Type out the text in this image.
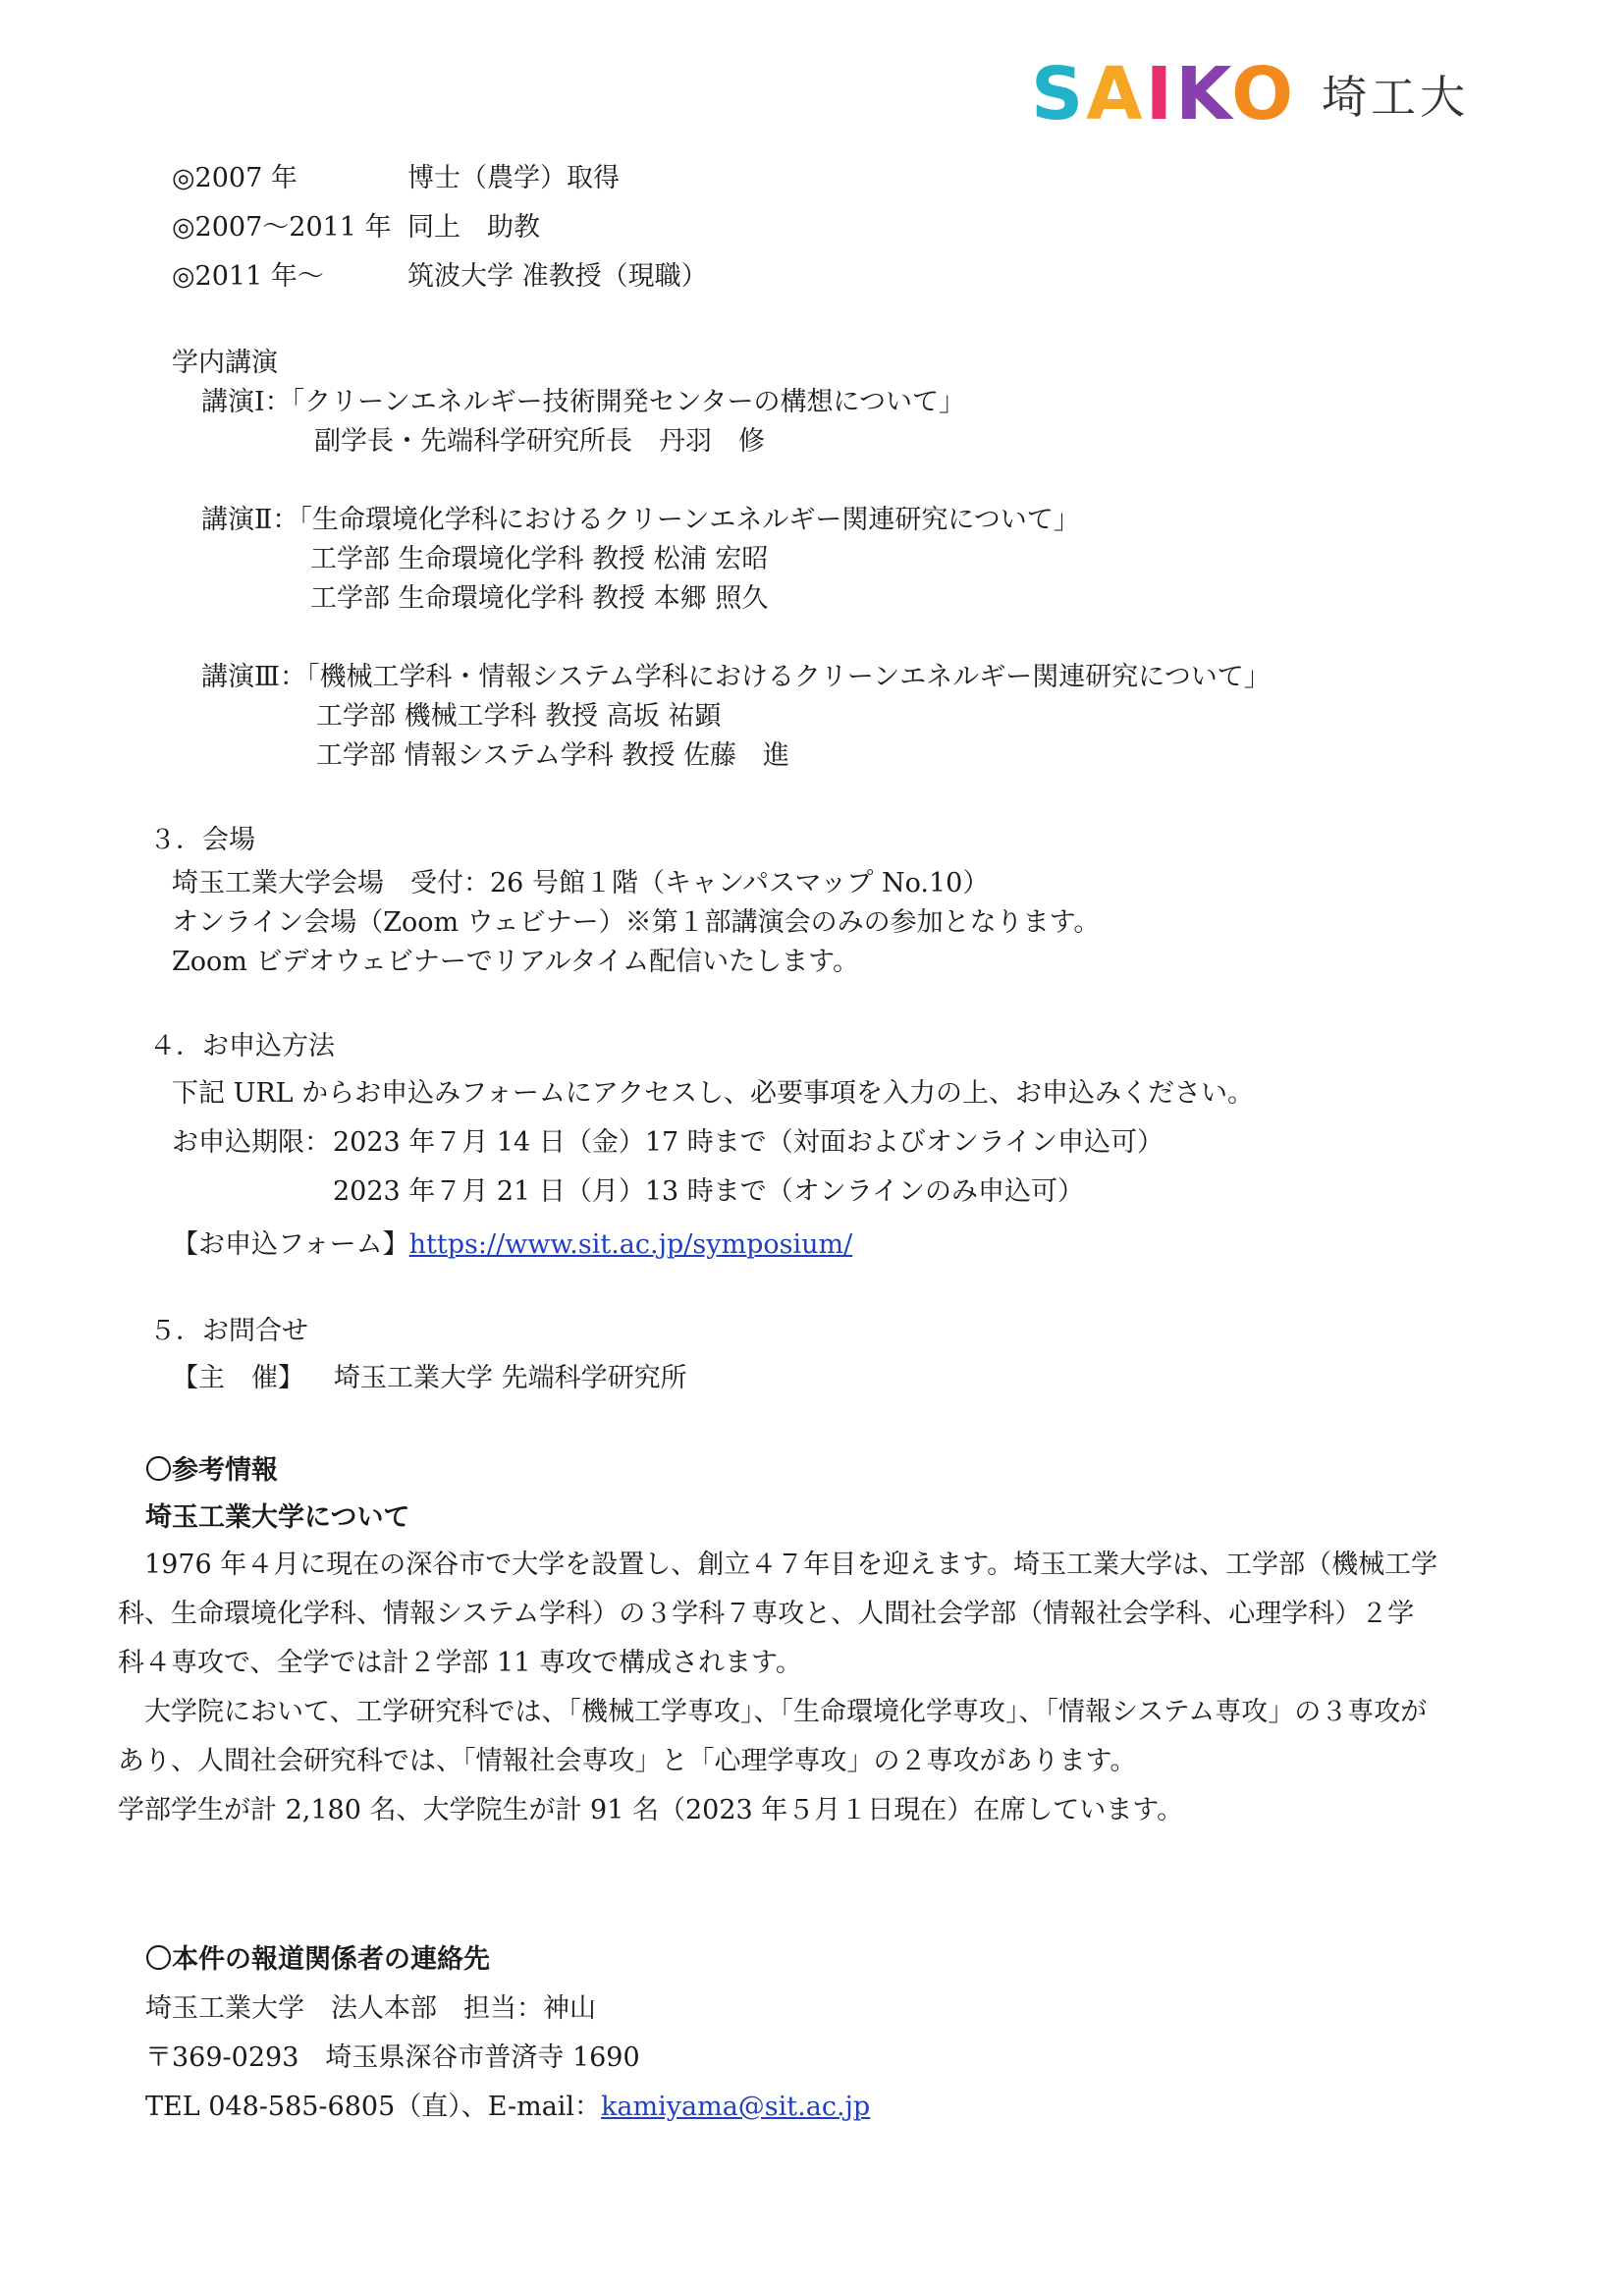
SAIKO 埼工大
◎2007 年	博士（農学）取得
◎2007～2011 年 同上　助教
◎2011 年～	筑波大学 准教授（現職）
学内講演
講演Ⅰ：「クリーンエネルギー技術開発センターの構想について」
副学長・先端科学研究所長　丹羽　修
講演Ⅱ：「生命環境化学科におけるクリーンエネルギー関連研究について」
工学部 生命環境化学科 教授 松浦 宏昭
工学部 生命環境化学科 教授 本郷 照久
講演Ⅲ：「機械工学科・情報システム学科におけるクリーンエネルギー関連研究について」
工学部 機械工学科 教授 高坂 祐顕
工学部 情報システム学科 教授 佐藤　進
３．会場
埼玉工業大学会場　受付：26 号館１階（キャンパスマップ No.10）
オンライン会場（Zoom ウェビナー）※第１部講演会のみの参加となります。
Zoom ビデオウェビナーでリアルタイム配信いたします。
４．お申込方法
下記 URL からお申込みフォームにアクセスし、必要事項を入力の上、お申込みください。
お申込期限：2023 年７月 14 日（金）17 時まで（対面およびオンライン申込可）
2023 年７月 21 日（月）13 時まで（オンラインのみ申込可）
【お申込フォーム】https://www.sit.ac.jp/symposium/
５．お問合せ
【主　催】 埼玉工業大学 先端科学研究所
〇参考情報
埼玉工業大学について
　1976 年４月に現在の深谷市で大学を設置し、創立４７年目を迎えます。埼玉工業大学は、工学部（機械工学
科、生命環境化学科、情報システム学科）の３学科７専攻と、人間社会学部（情報社会学科、心理学科）２学
科４専攻で、全学では計２学部 11 専攻で構成されます。
　大学院において、工学研究科では、「機械工学専攻」、「生命環境化学専攻」、「情報システム専攻」の３専攻が
あり、人間社会研究科では、「情報社会専攻」と「心理学専攻」の２専攻があります。
学部学生が計 2,180 名、大学院生が計 91 名（2023 年５月１日現在）在席しています。
〇本件の報道関係者の連絡先
埼玉工業大学　法人本部　担当：神山
〒369-0293　埼玉県深谷市普済寺 1690
TEL 048-585-6805（直）、E-mail：kamiyama@sit.ac.jp
